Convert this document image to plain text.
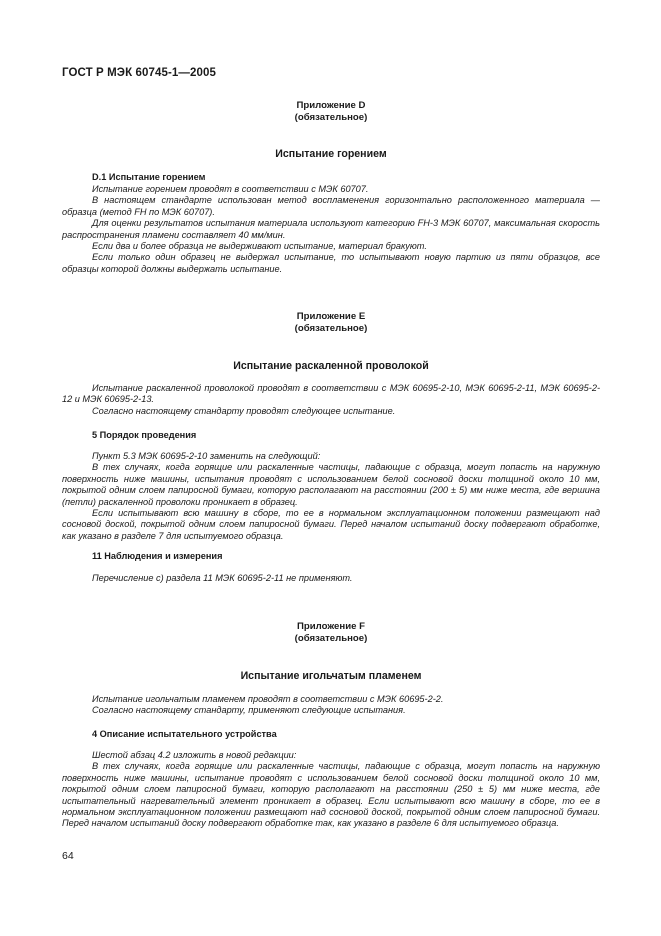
ГОСТ Р МЭК 60745-1—2005
Приложение D
(обязательное)
Испытание горением
D.1 Испытание горением

Испытание горением проводят в соответствии с МЭК 60707.

В настоящем стандарте использован метод воспламенения горизонтально расположенного материала — образца (метод FH по МЭК 60707).

Для оценки результатов испытания материала используют категорию FH-3 МЭК 60707, максимальная скорость распространения пламени составляет 40 мм/мин.

Если два и более образца не выдерживают испытание, материал бракуют.

Если только один образец не выдержал испытание, то испытывают новую партию из пяти образцов, все образцы которой должны выдержать испытание.

Приложение E
(обязательное)
Испытание раскаленной проволокой

Испытание раскаленной проволокой проводят в соответствии с МЭК 60695-2-10, МЭК 60695-2-11, МЭК 60695-2-12 и МЭК 60695-2-13.

Согласно настоящему стандарту проводят следующее испытание.

5 Порядок проведения

Пункт 5.3 МЭК 60695-2-10 заменить на следующий:

В тех случаях, когда горящие или раскаленные частицы, падающие с образца, могут попасть на наружную поверхность ниже машины, испытания проводят с использованием белой сосновой доски толщиной около 10 мм, покрытой одним слоем папиросной бумаги, которую располагают на расстоянии (200 ± 5) мм ниже места, где вершина (петли) раскаленной проволоки проникает в образец.

Если испытывают всю машину в сборе, то ее в нормальном эксплуатационном положении размещают над сосновой доской, покрытой одним слоем папиросной бумаги. Перед началом испытаний доску подвергают обработке, как указано в разделе 7 для испытуемого образца.

11 Наблюдения и измерения

Перечисление с) раздела 11 МЭК 60695-2-11 не применяют.

Приложение F
(обязательное)
Испытание игольчатым пламенем

Испытание игольчатым пламенем проводят в соответствии с МЭК 60695-2-2.

Согласно настоящему стандарту, применяют следующие испытания.

4 Описание испытательного устройства

Шестой абзац 4.2 изложить в новой редакции:

В тех случаях, когда горящие или раскаленные частицы, падающие с образца, могут попасть на наружную поверхность ниже машины, испытание проводят с использованием белой сосновой доски толщиной около 10 мм, покрытой одним слоем папиросной бумаги, которую располагают на расстоянии (250 ± 5) мм ниже места, где испытательный нагревательный элемент проникает в образец. Если испытывают всю машину в сборе, то ее в нормальном эксплуатационном положении размещают над сосновой доской, покрытой одним слоем папиросной бумаги. Перед началом испытаний доску подвергают обработке так, как указано в разделе 6 для испытуемого образца.

64
